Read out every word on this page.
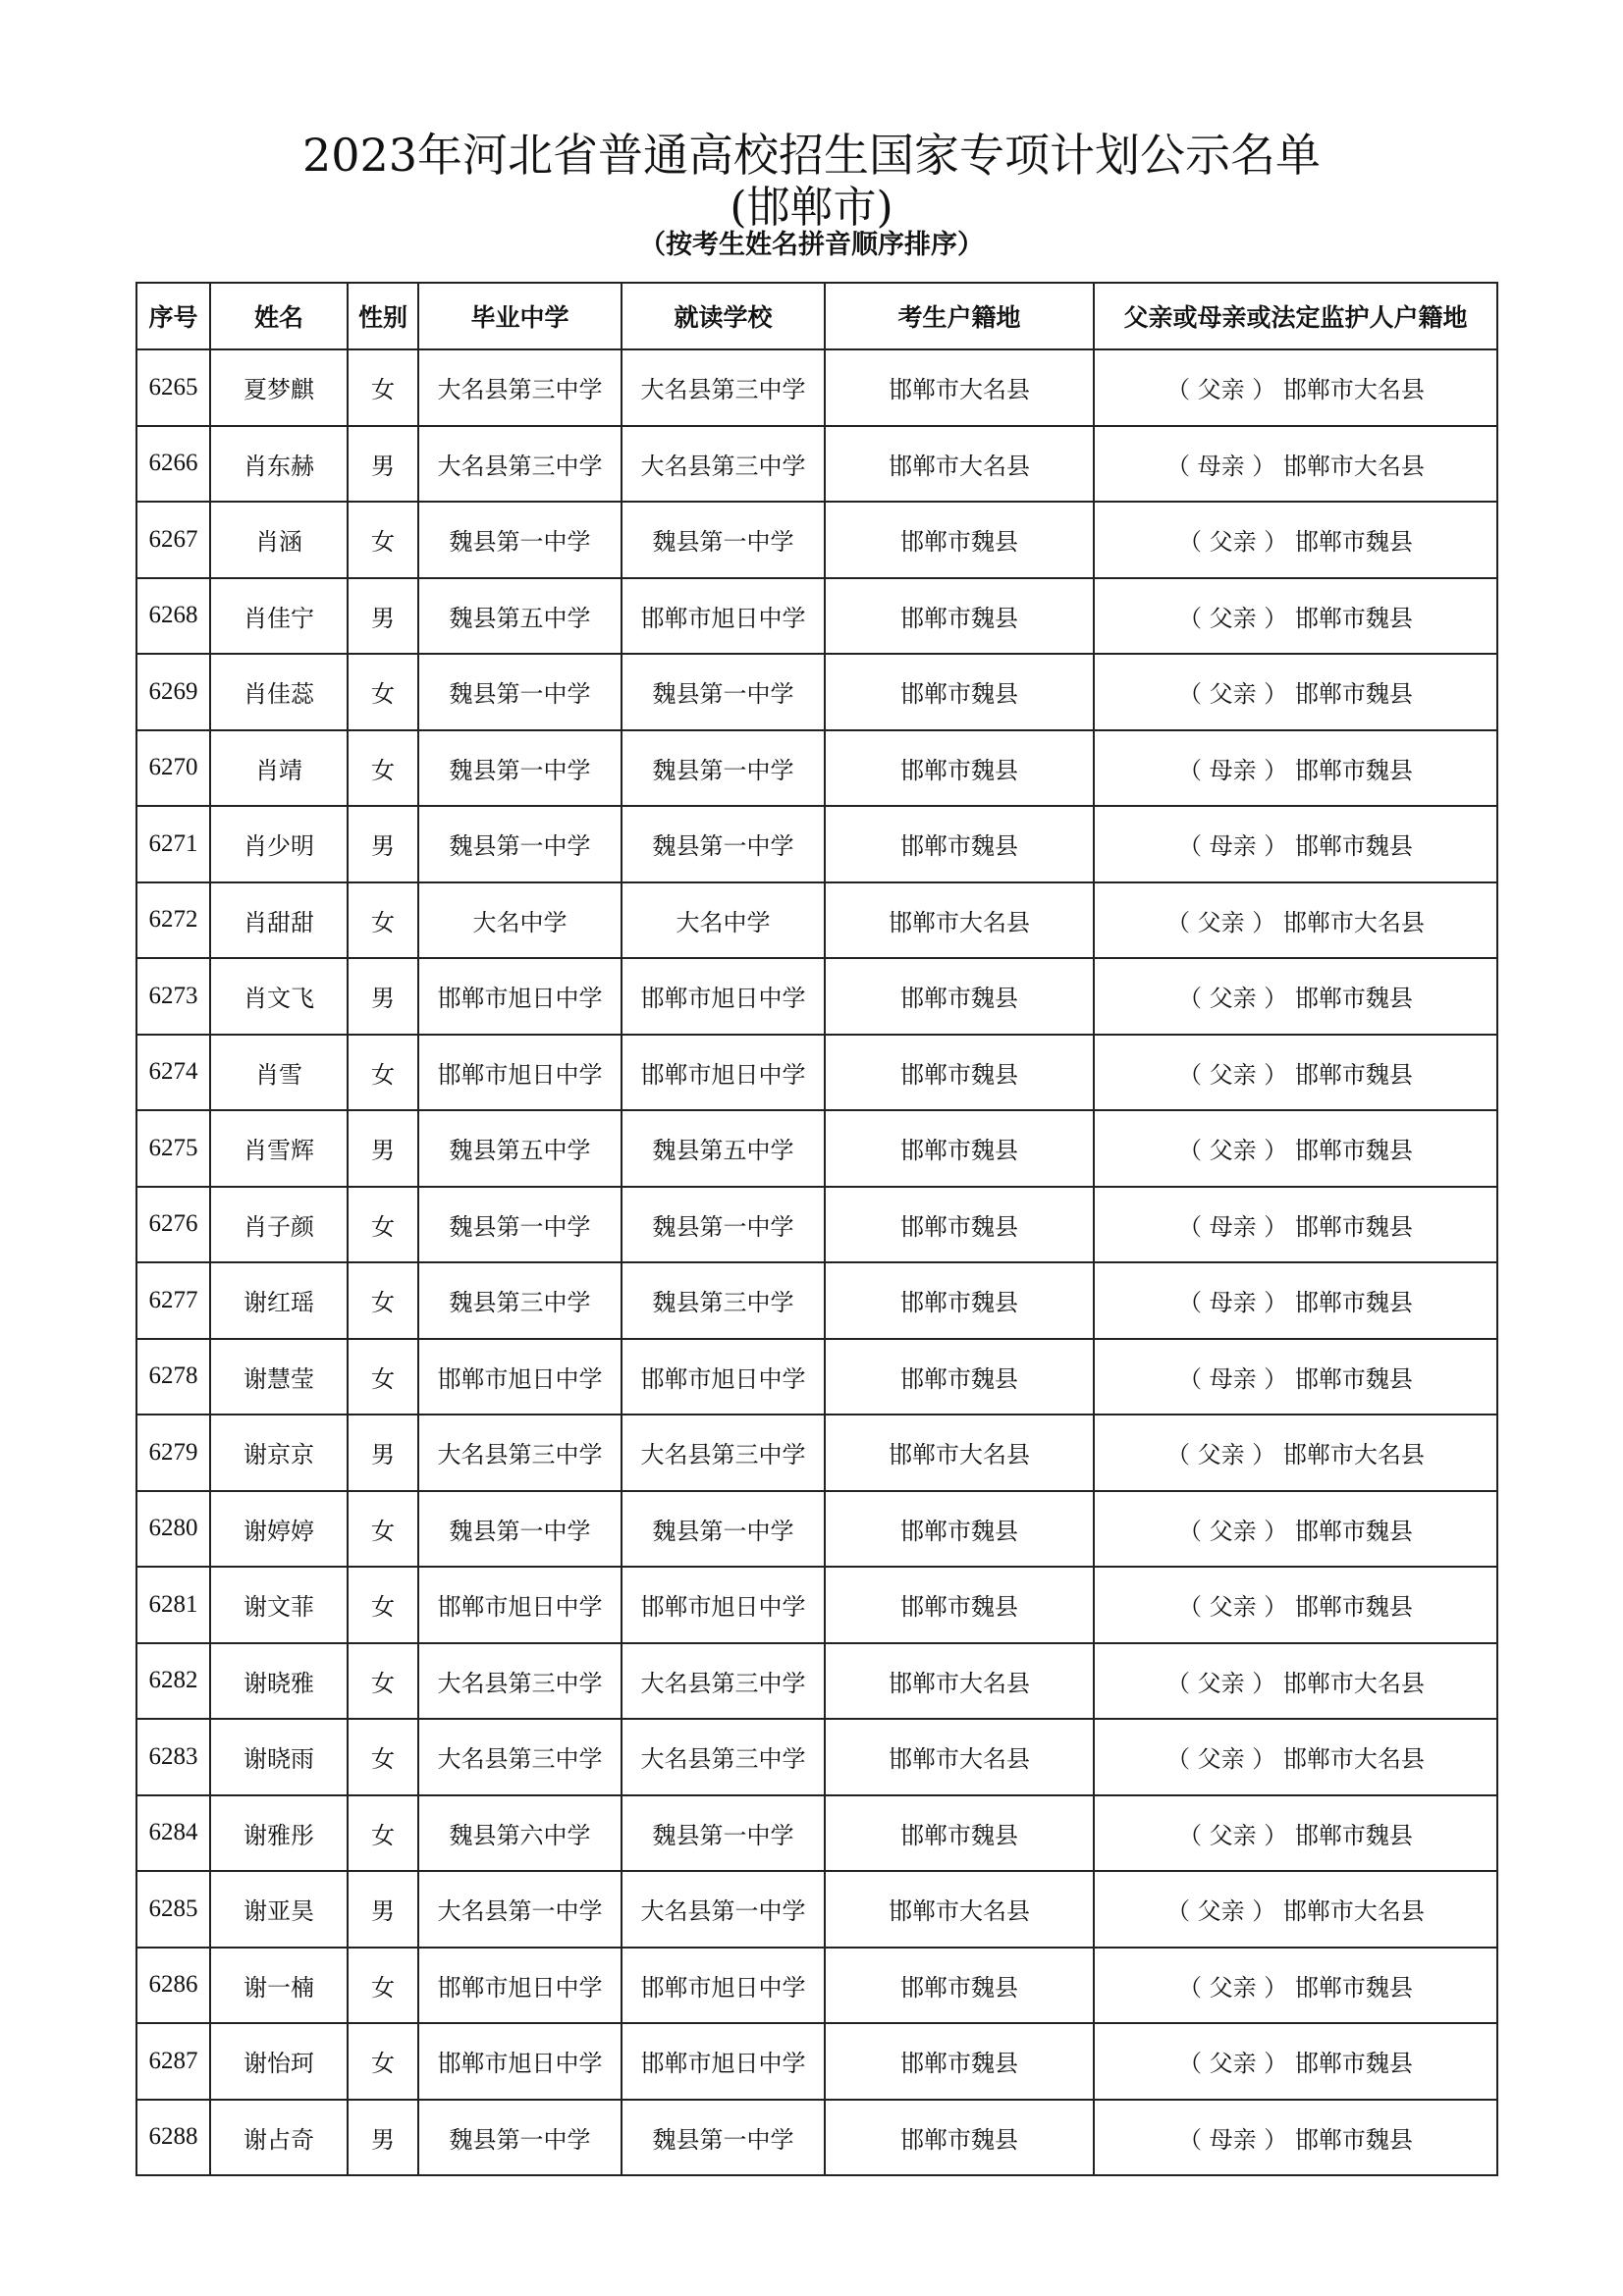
2023年河北省普通高校招生国家专项计划公示名单
(邯郸市)
（按考生姓名拼音顺序排序）
序号	姓名	性别	毕业中学	就读学校	考生户籍地	父亲或母亲或法定监护人户籍地
6265	夏梦麒	女	大名县第三中学	大名县第三中学	邯郸市大名县	（ 父亲 ） 邯郸市大名县
6266	肖东赫	男	大名县第三中学	大名县第三中学	邯郸市大名县	（ 母亲 ） 邯郸市大名县
6267	肖涵	女	魏县第一中学	魏县第一中学	邯郸市魏县	（ 父亲 ） 邯郸市魏县
6268	肖佳宁	男	魏县第五中学	邯郸市旭日中学	邯郸市魏县	（ 父亲 ） 邯郸市魏县
6269	肖佳蕊	女	魏县第一中学	魏县第一中学	邯郸市魏县	（ 父亲 ） 邯郸市魏县
6270	肖靖	女	魏县第一中学	魏县第一中学	邯郸市魏县	（ 母亲 ） 邯郸市魏县
6271	肖少明	男	魏县第一中学	魏县第一中学	邯郸市魏县	（ 母亲 ） 邯郸市魏县
6272	肖甜甜	女	大名中学	大名中学	邯郸市大名县	（ 父亲 ） 邯郸市大名县
6273	肖文飞	男	邯郸市旭日中学	邯郸市旭日中学	邯郸市魏县	（ 父亲 ） 邯郸市魏县
6274	肖雪	女	邯郸市旭日中学	邯郸市旭日中学	邯郸市魏县	（ 父亲 ） 邯郸市魏县
6275	肖雪辉	男	魏县第五中学	魏县第五中学	邯郸市魏县	（ 父亲 ） 邯郸市魏县
6276	肖子颜	女	魏县第一中学	魏县第一中学	邯郸市魏县	（ 母亲 ） 邯郸市魏县
6277	谢红瑶	女	魏县第三中学	魏县第三中学	邯郸市魏县	（ 母亲 ） 邯郸市魏县
6278	谢慧莹	女	邯郸市旭日中学	邯郸市旭日中学	邯郸市魏县	（ 母亲 ） 邯郸市魏县
6279	谢京京	男	大名县第三中学	大名县第三中学	邯郸市大名县	（ 父亲 ） 邯郸市大名县
6280	谢婷婷	女	魏县第一中学	魏县第一中学	邯郸市魏县	（ 父亲 ） 邯郸市魏县
6281	谢文菲	女	邯郸市旭日中学	邯郸市旭日中学	邯郸市魏县	（ 父亲 ） 邯郸市魏县
6282	谢晓雅	女	大名县第三中学	大名县第三中学	邯郸市大名县	（ 父亲 ） 邯郸市大名县
6283	谢晓雨	女	大名县第三中学	大名县第三中学	邯郸市大名县	（ 父亲 ） 邯郸市大名县
6284	谢雅彤	女	魏县第六中学	魏县第一中学	邯郸市魏县	（ 父亲 ） 邯郸市魏县
6285	谢亚昊	男	大名县第一中学	大名县第一中学	邯郸市大名县	（ 父亲 ） 邯郸市大名县
6286	谢一楠	女	邯郸市旭日中学	邯郸市旭日中学	邯郸市魏县	（ 父亲 ） 邯郸市魏县
6287	谢怡珂	女	邯郸市旭日中学	邯郸市旭日中学	邯郸市魏县	（ 父亲 ） 邯郸市魏县
6288	谢占奇	男	魏县第一中学	魏县第一中学	邯郸市魏县	（ 母亲 ） 邯郸市魏县
